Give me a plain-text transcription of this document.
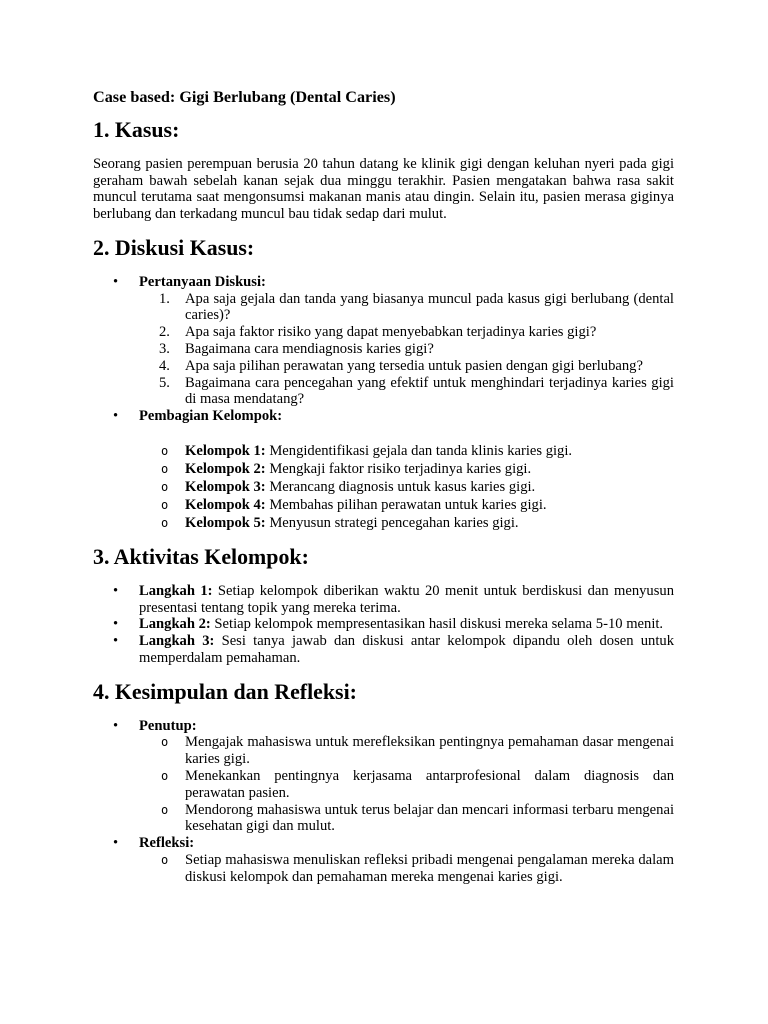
Case based: Gigi Berlubang (Dental Caries)
1. Kasus:

Seorang pasien perempuan berusia 20 tahun datang ke klinik gigi dengan keluhan nyeri pada gigi geraham bawah sebelah kanan sejak dua minggu terakhir. Pasien mengatakan bahwa rasa sakit muncul terutama saat mengonsumsi makanan manis atau dingin. Selain itu, pasien merasa giginya berlubang dan terkadang muncul bau tidak sedap dari mulut.

2. Diskusi Kasus:
• Pertanyaan Diskusi:
1. Apa saja gejala dan tanda yang biasanya muncul pada kasus gigi berlubang (dental caries)?
2. Apa saja faktor risiko yang dapat menyebabkan terjadinya karies gigi?
3. Bagaimana cara mendiagnosis karies gigi?
4. Apa saja pilihan perawatan yang tersedia untuk pasien dengan gigi berlubang?
5. Bagaimana cara pencegahan yang efektif untuk menghindari terjadinya karies gigi di masa mendatang?
• Pembagian Kelompok:
o Kelompok 1: Mengidentifikasi gejala dan tanda klinis karies gigi.
o Kelompok 2: Mengkaji faktor risiko terjadinya karies gigi.
o Kelompok 3: Merancang diagnosis untuk kasus karies gigi.
o Kelompok 4: Membahas pilihan perawatan untuk karies gigi.
o Kelompok 5: Menyusun strategi pencegahan karies gigi.
3. Aktivitas Kelompok:
• Langkah 1: Setiap kelompok diberikan waktu 20 menit untuk berdiskusi dan menyusun presentasi tentang topik yang mereka terima.
• Langkah 2: Setiap kelompok mempresentasikan hasil diskusi mereka selama 5-10 menit.
• Langkah 3: Sesi tanya jawab dan diskusi antar kelompok dipandu oleh dosen untuk memperdalam pemahaman.
4. Kesimpulan dan Refleksi:
• Penutup:
o Mengajak mahasiswa untuk merefleksikan pentingnya pemahaman dasar mengenai karies gigi.
o Menekankan pentingnya kerjasama antarprofesional dalam diagnosis dan perawatan pasien.
o Mendorong mahasiswa untuk terus belajar dan mencari informasi terbaru mengenai kesehatan gigi dan mulut.
• Refleksi:
o Setiap mahasiswa menuliskan refleksi pribadi mengenai pengalaman mereka dalam diskusi kelompok dan pemahaman mereka mengenai karies gigi.
